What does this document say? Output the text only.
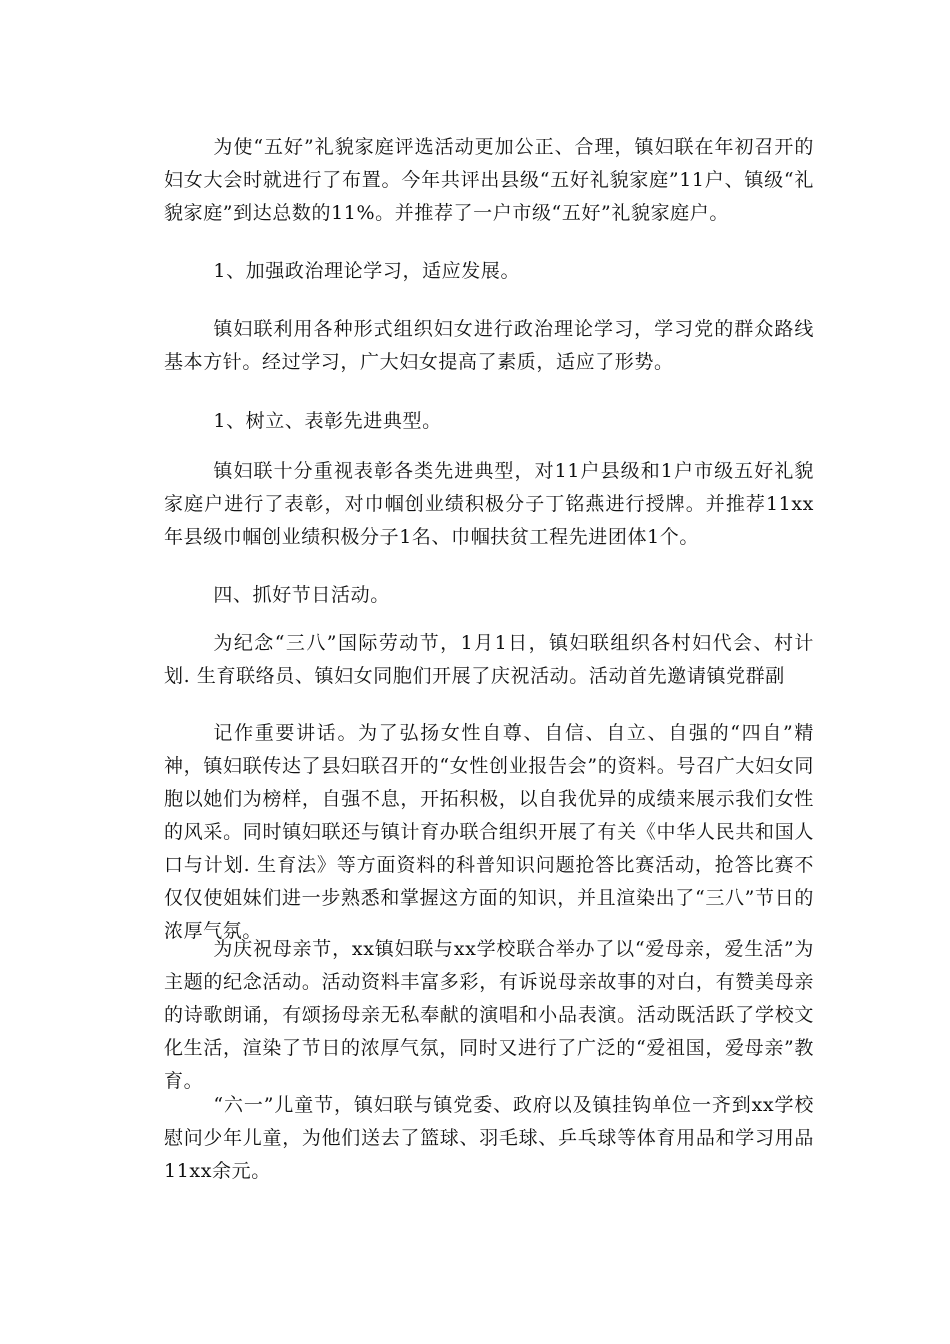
为使“五好”礼貌家庭评选活动更加公正、合理，镇妇联在年初召开的妇女大会时就进行了布置。今年共评出县级“五好礼貌家庭”11户、镇级“礼貌家庭”到达总数的11%。并推荐了一户市级“五好”礼貌家庭户。

1、加强政治理论学习，适应发展。

镇妇联利用各种形式组织妇女进行政治理论学习，学习党的群众路线基本方针。经过学习，广大妇女提高了素质，适应了形势。

1、树立、表彰先进典型。

镇妇联十分重视表彰各类先进典型，对11户县级和1户市级五好礼貌家庭户进行了表彰，对巾帼创业绩积极分子丁铭燕进行授牌。并推荐11xx年县级巾帼创业绩积极分子1名、巾帼扶贫工程先进团体1个。

四、抓好节日活动。

为纪念“三八”国际劳动节，1月1日，镇妇联组织各村妇代会、村计划. 生育联络员、镇妇女同胞们开展了庆祝活动。活动首先邀请镇党群副

记作重要讲话。为了弘扬女性自尊、自信、自立、自强的“四自”精神，镇妇联传达了县妇联召开的“女性创业报告会”的资料。号召广大妇女同胞以她们为榜样，自强不息，开拓积极，以自我优异的成绩来展示我们女性的风采。同时镇妇联还与镇计育办联合组织开展了有关《中华人民共和国人口与计划. 生育法》等方面资料的科普知识问题抢答比赛活动，抢答比赛不仅仅使姐妹们进一步熟悉和掌握这方面的知识，并且渲染出了“三八”节日的浓厚气氛。

为庆祝母亲节，xx镇妇联与xx学校联合举办了以“爱母亲，爱生活”为主题的纪念活动。活动资料丰富多彩，有诉说母亲故事的对白，有赞美母亲的诗歌朗诵，有颂扬母亲无私奉献的演唱和小品表演。活动既活跃了学校文化生活，渲染了节日的浓厚气氛，同时又进行了广泛的“爱祖国，爱母亲”教育。

“六一”儿童节，镇妇联与镇党委、政府以及镇挂钩单位一齐到xx学校慰问少年儿童，为他们送去了篮球、羽毛球、乒乓球等体育用品和学习用品11xx余元。
